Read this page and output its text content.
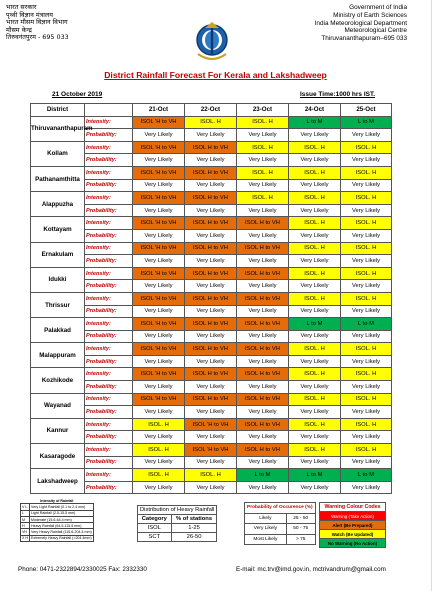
भारत सरकार
पृथ्वी विज्ञान मंत्रालय
भारत मौसम विज्ञान विभाग
मौसम केन्द्र
तिरुवनंतपुरम - 695 033
Government of India
Ministry of Earth Sciences
India Meteorological Department
Meteorological Centre
Thiruvananthapuram–695 033
District Rainfall Forecast For Kerala and Lakshadweep
21 October 2019	Issue Time:1000 hrs IST.
District		21-Oct	22-Oct	23-Oct	24-Oct	25-Oct
Thiruvananthapuram	Intensity:	ISOL 'H to VH	ISOL. H	ISOL. H	L to M	L to M
	Probability:	Very Likely	Very Likely	Very Likely	Very Likely	Very Likely
Kollam	Intensity:	ISOL 'H to VH	ISOL H to VH	ISOL. H	ISOL. H	ISOL. H
	Probability:	Very Likely	Very Likely	Very Likely	Very Likely	Very Likely
Pathanamthitta	Intensity:	ISOL 'H to VH	ISOL H to VH	ISOL. H	ISOL. H	ISOL. H
	Probability:	Very Likely	Very Likely	Very Likely	Very Likely	Very Likely
Alappuzha	Intensity:	ISOL 'H to VH	ISOL H to VH	ISOL. H	ISOL. H	ISOL. H
	Probability:	Very Likely	Very Likely	Very Likely	Very Likely	Very Likely
Kottayam	Intensity:	ISOL 'H to VH	ISOL H to VH	ISOL H to VH	ISOL. H	ISOL. H
	Probability:	Very Likely	Very Likely	Very Likely	Very Likely	Very Likely
Ernakulam	Intensity:	ISOL 'H to VH	ISOL H to VH	ISOL H to VH	ISOL. H	ISOL. H
	Probability:	Very Likely	Very Likely	Very Likely	Very Likely	Very Likely
Idukki	Intensity:	ISOL 'H to VH	ISOL H to VH	ISOL H to VH	ISOL. H	ISOL. H
	Probability:	Very Likely	Very Likely	Very Likely	Very Likely	Very Likely
Thrissur	Intensity:	ISOL 'H to VH	ISOL H to VH	ISOL H to VH	ISOL. H	ISOL. H
	Probability:	Very Likely	Very Likely	Very Likely	Very Likely	Very Likely
Palakkad	Intensity:	ISOL 'H to VH	ISOL H to VH	ISOL H to VH	L to M	L to M
	Probability:	Very Likely	Very Likely	Very Likely	Very Likely	Very Likely
Malappuram	Intensity:	ISOL 'H to VH	ISOL H to VH	ISOL H to VH	ISOL. H	ISOL. H
	Probability:	Very Likely	Very Likely	Very Likely	Very Likely	Very Likely
Kozhikode	Intensity:	ISOL 'H to VH	ISOL H to VH	ISOL H to VH	ISOL. H	ISOL. H
	Probability:	Very Likely	Very Likely	Very Likely	Very Likely	Very Likely
Wayanad	Intensity:	ISOL 'H to VH	ISOL H to VH	ISOL H to VH	ISOL. H	ISOL. H
	Probability:	Very Likely	Very Likely	Very Likely	Very Likely	Very Likely
Kannur	Intensity:	ISOL. H	ISOL 'H to VH	ISOL H to VH	ISOL. H	ISOL. H
	Probability:	Very Likely	Very Likely	Very Likely	Very Likely	Very Likely
Kasaragode	Intensity:	ISOL. H	ISOL 'H to VH	ISOL H to VH	ISOL. H	ISOL. H
	Probability:	Very Likely	Very Likely	Very Likely	Very Likely	Very Likely
Lakshadweep	Intensity:	ISOL. H	ISOL. H	L to M	L to M	L to M
	Probability:	Very Likely	Very Likely	Very Likely	Very Likely	Very Likely
Intensity of Rainfall	
V L	Very Light Rainfall (0.1 to 2.4 mm)
L	Light Rainfall (2.5-15.5 mm)
M	Moderate (15.6-64.4 mm)
H	Heavy Rainfall (64.5-115.5 mm)
VH	Very Heavy Rainfall (115.6-204.4 mm)
X H	Extremely Heavy Rainfall (>204.4mm)
Distribution of Heavy Rainfall	
Category	% of stations
ISOL	1-25
SCT	26-50
Probability of Occurence (%)	
Likely	25 - 50
Very Likely	50 - 75
Most Likely	> 75
Warning Colour Codes
Warning (Take Action)
Alert (Be Prepared)
Watch (Be Updated)
No Warning (No Action)
Phone: 0471-2322894/2330025 Fax: 2332330	E-mail: mc.trv@imd.gov.in, mctrivandrum@gmail.com
